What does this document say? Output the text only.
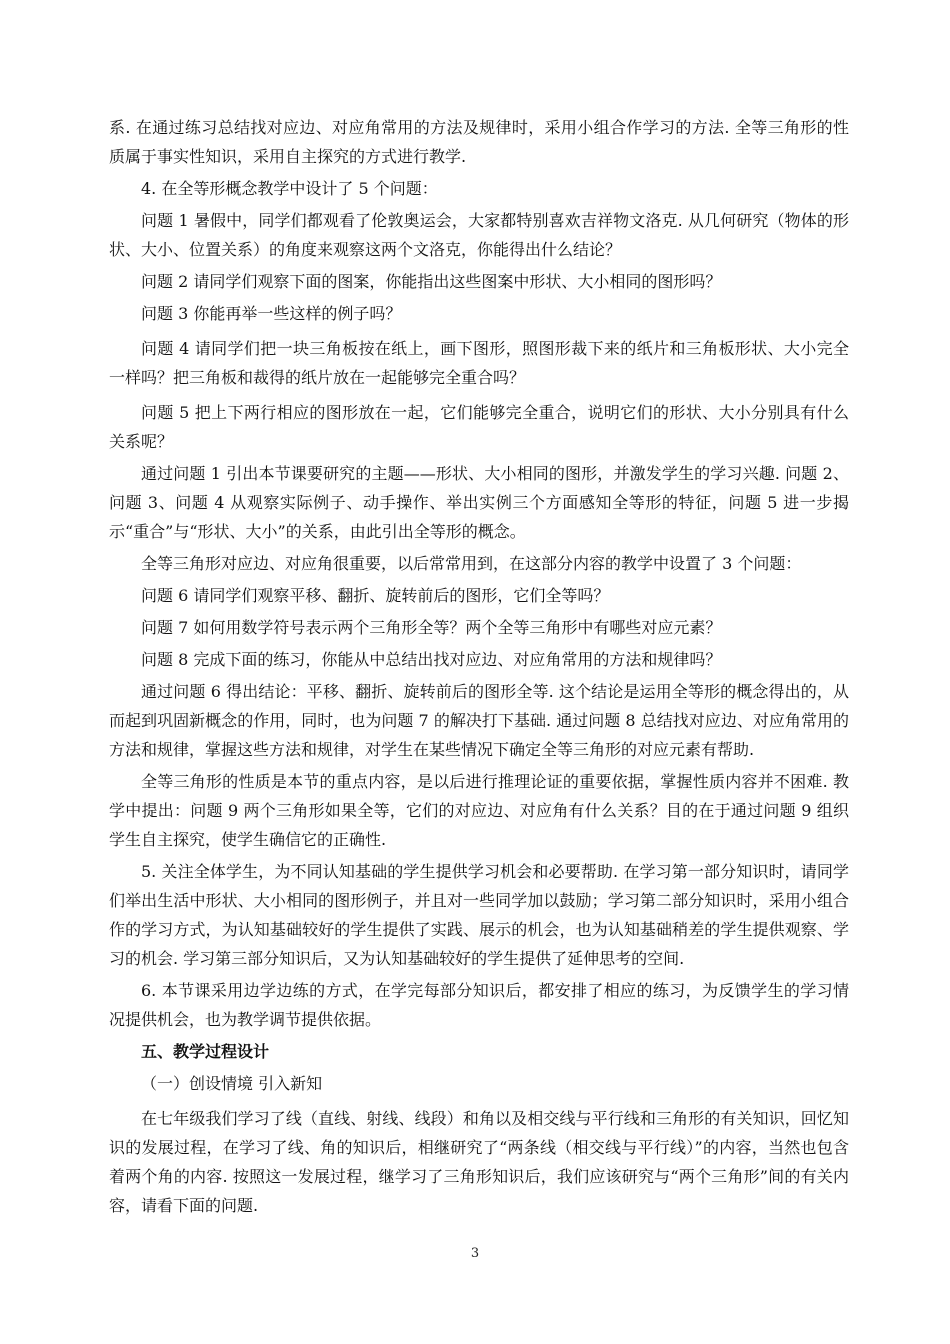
系. 在通过练习总结找对应边、对应角常用的方法及规律时，采用小组合作学习的方法. 全等三角形的性质属于事实性知识，采用自主探究的方式进行教学.

4. 在全等形概念教学中设计了 5 个问题：

问题 1 暑假中，同学们都观看了伦敦奥运会，大家都特别喜欢吉祥物文洛克. 从几何研究（物体的形状、大小、位置关系）的角度来观察这两个文洛克，你能得出什么结论？

问题 2 请同学们观察下面的图案，你能指出这些图案中形状、大小相同的图形吗？

问题 3 你能再举一些这样的例子吗？

问题 4 请同学们把一块三角板按在纸上，画下图形，照图形裁下来的纸片和三角板形状、大小完全一样吗？把三角板和裁得的纸片放在一起能够完全重合吗？

问题 5 把上下两行相应的图形放在一起，它们能够完全重合，说明它们的形状、大小分别具有什么关系呢？

通过问题 1 引出本节课要研究的主题——形状、大小相同的图形，并激发学生的学习兴趣. 问题 2、问题 3、问题 4 从观察实际例子、动手操作、举出实例三个方面感知全等形的特征，问题 5 进一步揭示“重合”与“形状、大小”的关系，由此引出全等形的概念。

全等三角形对应边、对应角很重要，以后常常用到，在这部分内容的教学中设置了 3 个问题：

问题 6 请同学们观察平移、翻折、旋转前后的图形，它们全等吗？

问题 7 如何用数学符号表示两个三角形全等？两个全等三角形中有哪些对应元素？

问题 8 完成下面的练习，你能从中总结出找对应边、对应角常用的方法和规律吗？

通过问题 6 得出结论：平移、翻折、旋转前后的图形全等. 这个结论是运用全等形的概念得出的，从而起到巩固新概念的作用，同时，也为问题 7 的解决打下基础. 通过问题 8 总结找对应边、对应角常用的方法和规律，掌握这些方法和规律，对学生在某些情况下确定全等三角形的对应元素有帮助.

全等三角形的性质是本节的重点内容，是以后进行推理论证的重要依据，掌握性质内容并不困难. 教学中提出：问题 9 两个三角形如果全等，它们的对应边、对应角有什么关系？目的在于通过问题 9 组织学生自主探究，使学生确信它的正确性.

5. 关注全体学生，为不同认知基础的学生提供学习机会和必要帮助. 在学习第一部分知识时，请同学们举出生活中形状、大小相同的图形例子，并且对一些同学加以鼓励；学习第二部分知识时，采用小组合作的学习方式，为认知基础较好的学生提供了实践、展示的机会，也为认知基础稍差的学生提供观察、学习的机会. 学习第三部分知识后，又为认知基础较好的学生提供了延伸思考的空间.

6. 本节课采用边学边练的方式，在学完每部分知识后，都安排了相应的练习，为反馈学生的学习情况提供机会，也为教学调节提供依据。

五、教学过程设计

（一）创设情境 引入新知

在七年级我们学习了线（直线、射线、线段）和角以及相交线与平行线和三角形的有关知识，回忆知识的发展过程，在学习了线、角的知识后，相继研究了“两条线（相交线与平行线）”的内容，当然也包含着两个角的内容. 按照这一发展过程，继学习了三角形知识后，我们应该研究与“两个三角形”间的有关内容，请看下面的问题.

3
